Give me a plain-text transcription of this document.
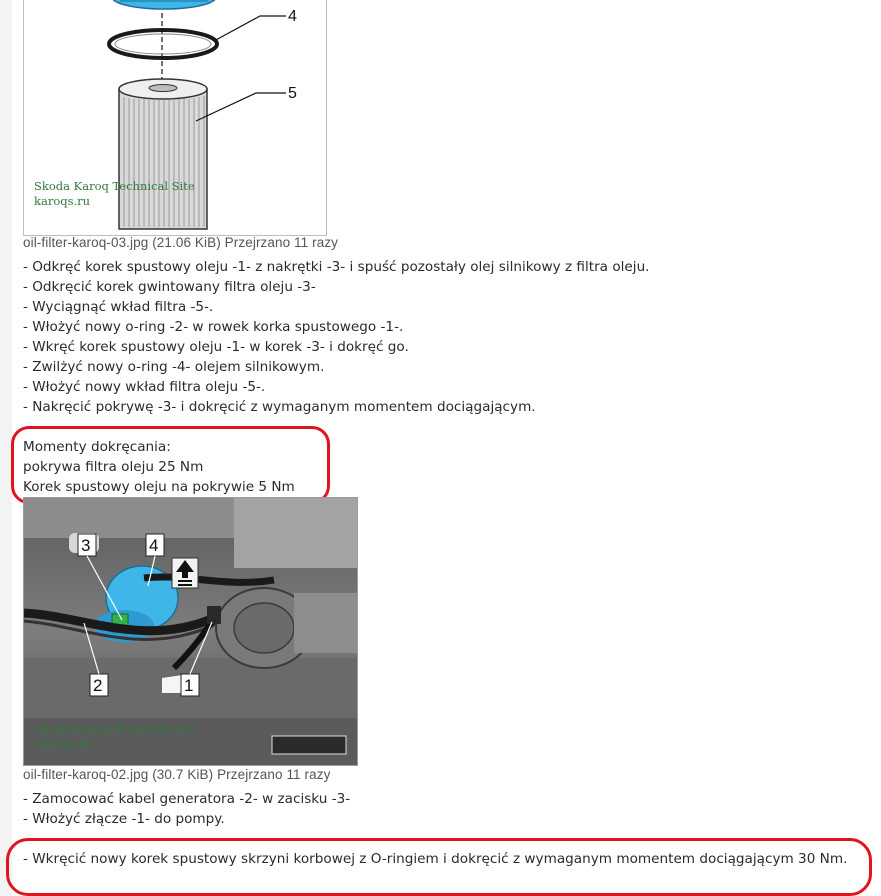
4
5
Skoda Karoq Technical Site
karoqs.ru
oil-filter-karoq-03.jpg (21.06 KiB) Przejrzano 11 razy
- Odkręć korek spustowy oleju -1- z nakrętki -3- i spuść pozostały olej silnikowy z filtra oleju.
- Odkręcić korek gwintowany filtra oleju -3-
- Wyciągnąć wkład filtra -5-.
- Włożyć nowy o-ring -2- w rowek korka spustowego -1-.
- Wkręć korek spustowy oleju -1- w korek -3- i dokręć go.
- Zwilżyć nowy o-ring -4- olejem silnikowym.
- Włożyć nowy wkład filtra oleju -5-.
- Nakręcić pokrywę -3- i dokręcić z wymaganym momentem dociągającym.
Momenty dokręcania:
pokrywa filtra oleju 25 Nm
Korek spustowy oleju na pokrywie 5 Nm
3	4
2	1
Skoda Karoq Technical Site
karoqs.ru
oil-filter-karoq-02.jpg (30.7 KiB) Przejrzano 11 razy
- Zamocować kabel generatora -2- w zacisku -3-
- Włożyć złącze -1- do pompy.
- Wkręcić nowy korek spustowy skrzyni korbowej z O-ringiem i dokręcić z wymaganym momentem dociągającym 30 Nm.
